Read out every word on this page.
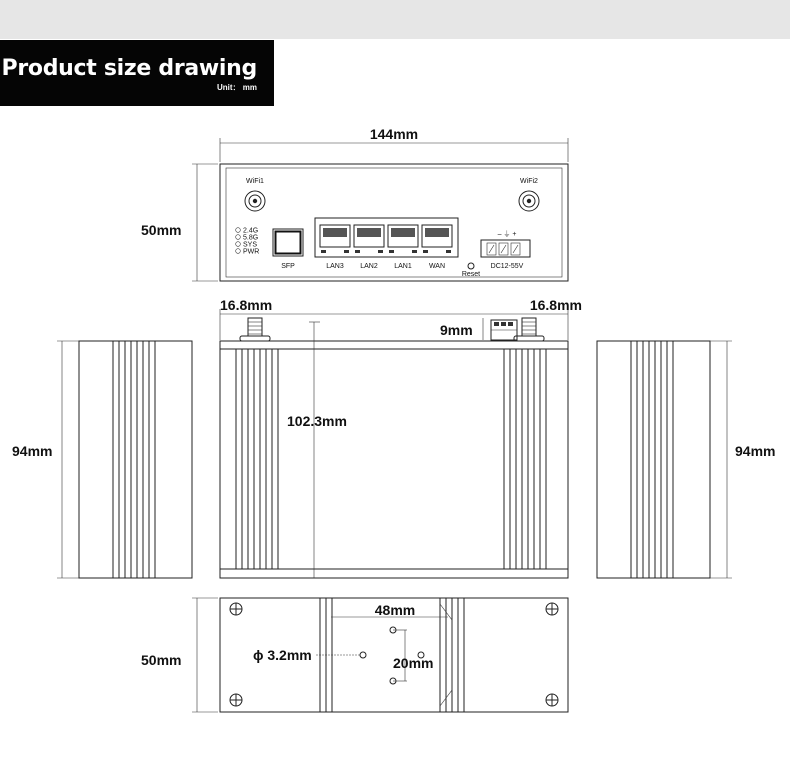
Product size drawing
Unit： mm
144mm
50mm
WiFi1	WiFi2
2.4G
5.8G
SYS
PWR
SFP	LAN3 LAN2 LAN1 WAN
– ⏚ +
DC12-55V
Reset
16.8mm	16.8mm
9mm
102.3mm
94mm	94mm
50mm
48mm
ϕ 3.2mm	20mm
